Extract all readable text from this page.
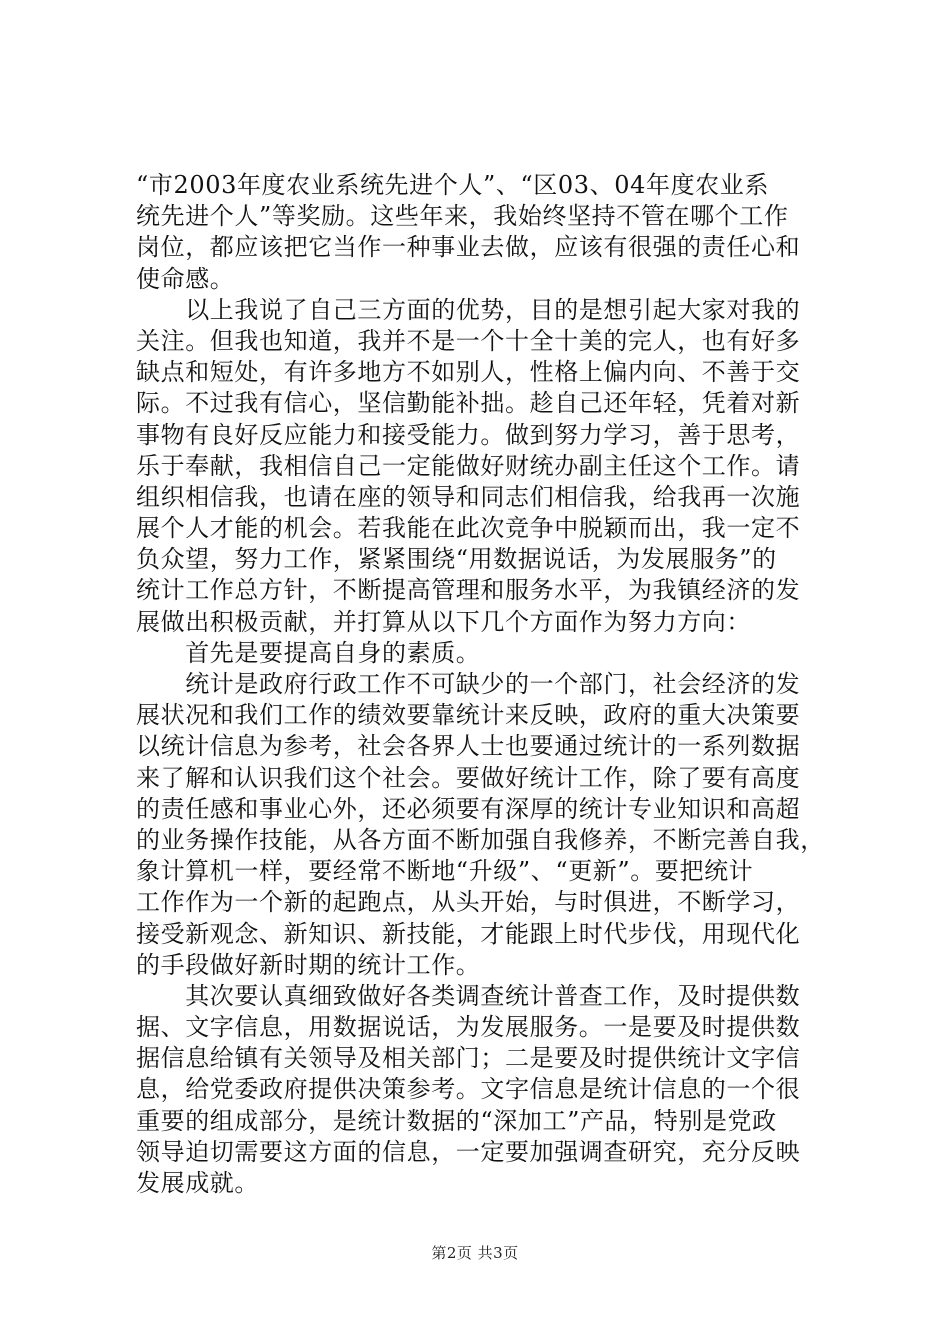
“市2003年度农业系统先进个人”、“区03、04年度农业系
统先进个人”等奖励。这些年来，我始终坚持不管在哪个工作
岗位，都应该把它当作一种事业去做，应该有很强的责任心和
使命感。
　　以上我说了自己三方面的优势，目的是想引起大家对我的
关注。但我也知道，我并不是一个十全十美的完人，也有好多
缺点和短处，有许多地方不如别人，性格上偏内向、不善于交
际。不过我有信心，坚信勤能补拙。趁自己还年轻，凭着对新
事物有良好反应能力和接受能力。做到努力学习，善于思考，
乐于奉献，我相信自己一定能做好财统办副主任这个工作。请
组织相信我，也请在座的领导和同志们相信我，给我再一次施
展个人才能的机会。若我能在此次竞争中脱颖而出，我一定不
负众望，努力工作，紧紧围绕“用数据说话，为发展服务”的
统计工作总方针，不断提高管理和服务水平，为我镇经济的发
展做出积极贡献，并打算从以下几个方面作为努力方向：
　　首先是要提高自身的素质。
　　统计是政府行政工作不可缺少的一个部门，社会经济的发
展状况和我们工作的绩效要靠统计来反映，政府的重大决策要
以统计信息为参考，社会各界人士也要通过统计的一系列数据
来了解和认识我们这个社会。要做好统计工作，除了要有高度
的责任感和事业心外，还必须要有深厚的统计专业知识和高超
的业务操作技能，从各方面不断加强自我修养，不断完善自我，
象计算机一样，要经常不断地“升级”、“更新”。要把统计
工作作为一个新的起跑点，从头开始，与时俱进，不断学习，
接受新观念、新知识、新技能，才能跟上时代步伐，用现代化
的手段做好新时期的统计工作。
　　其次要认真细致做好各类调查统计普查工作，及时提供数
据、文字信息，用数据说话，为发展服务。一是要及时提供数
据信息给镇有关领导及相关部门；二是要及时提供统计文字信
息，给党委政府提供决策参考。文字信息是统计信息的一个很
重要的组成部分，是统计数据的“深加工”产品，特别是党政
领导迫切需要这方面的信息，一定要加强调查研究，充分反映
发展成就。
第2页 共3页
